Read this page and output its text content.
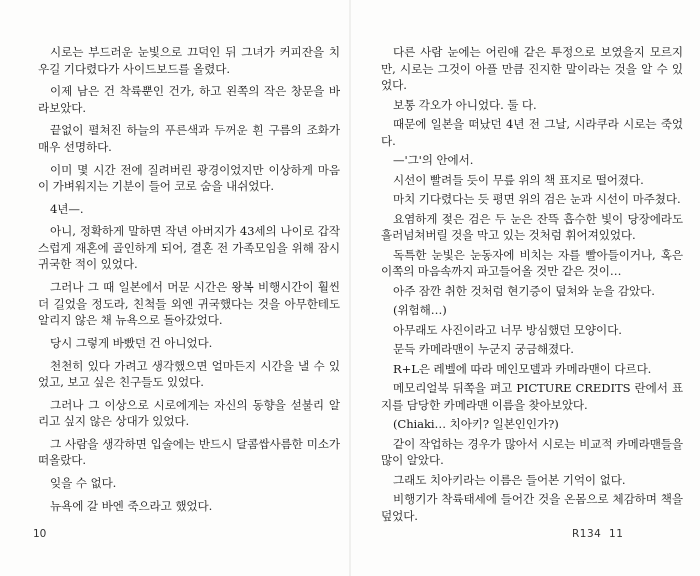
시로는 부드러운 눈빛으로 끄덕인 뒤 그녀가 커피잔을 치우길 기다렸다가 사이드보드를 올렸다.

이제 남은 건 착륙뿐인 건가, 하고 왼쪽의 작은 창문을 바라보았다.

끝없이 펼쳐진 하늘의 푸른색과 두꺼운 흰 구름의 조화가 매우 선명하다.

이미 몇 시간 전에 질려버린 광경이었지만 이상하게 마음이 가벼워지는 기분이 들어 코로 숨을 내쉬었다.

4년—.

아니, 정확하게 말하면 작년 아버지가 43세의 나이로 갑작스럽게 재혼에 골인하게 되어, 결혼 전 가족모임을 위해 잠시 귀국한 적이 있었다.

그러나 그 때 일본에서 머문 시간은 왕복 비행시간이 훨씬 더 길었을 정도라, 친척들 외엔 귀국했다는 것을 아무한테도 알리지 않은 채 뉴욕으로 돌아갔었다.

당시 그렇게 바빴던 건 아니었다.

천천히 있다 가려고 생각했으면 얼마든지 시간을 낼 수 있었고, 보고 싶은 친구들도 있었다.

그러나 그 이상으로 시로에게는 자신의 동향을 섣불리 알리고 싶지 않은 상대가 있었다.

그 사람을 생각하면 입술에는 반드시 달콤쌉사름한 미소가 떠올랐다.

잊을 수 없다.

뉴욕에 갈 바엔 죽으라고 했었다.

다른 사람 눈에는 어린애 같은 투정으로 보였을지 모르지만, 시로는 그것이 아플 만큼 진지한 말이라는 것을 알 수 있었다.

보통 각오가 아니었다. 둘 다.

때문에 일본을 떠났던 4년 전 그날, 시라쿠라 시로는 죽었다.

—'그'의 안에서.

시선이 빨려들 듯이 무릎 위의 책 표지로 떨어졌다.

마치 기다렸다는 듯 평면 위의 검은 눈과 시선이 마주쳤다.

요염하게 젖은 검은 두 눈은 잔뜩 흡수한 빛이 당장에라도 흘러넘쳐버릴 것을 막고 있는 것처럼 휘어져있었다.

독특한 눈빛은 눈동자에 비치는 자를 빨아들이거나, 혹은 이쪽의 마음속까지 파고들어올 것만 같은 것이…

아주 잠깐 취한 것처럼 현기증이 덮쳐와 눈을 감았다.

(위험해…)

아무래도 사진이라고 너무 방심했던 모양이다.

문득 카메라맨이 누군지 궁금해졌다.

R+L은 레벨에 따라 메인모델과 카메라맨이 다르다.

메모리얼북 뒤쪽을 펴고 PICTURE CREDITS 란에서 표지를 담당한 카메라맨 이름을 찾아보았다.

(Chiaki… 치아키? 일본인인가?)

같이 작업하는 경우가 많아서 시로는 비교적 카메라맨들을 많이 알았다.

그래도 치아키라는 이름은 들어본 기억이 없다.

비행기가 착륙태세에 들어간 것을 온몸으로 체감하며 책을 덮었다.

10	R134 11
